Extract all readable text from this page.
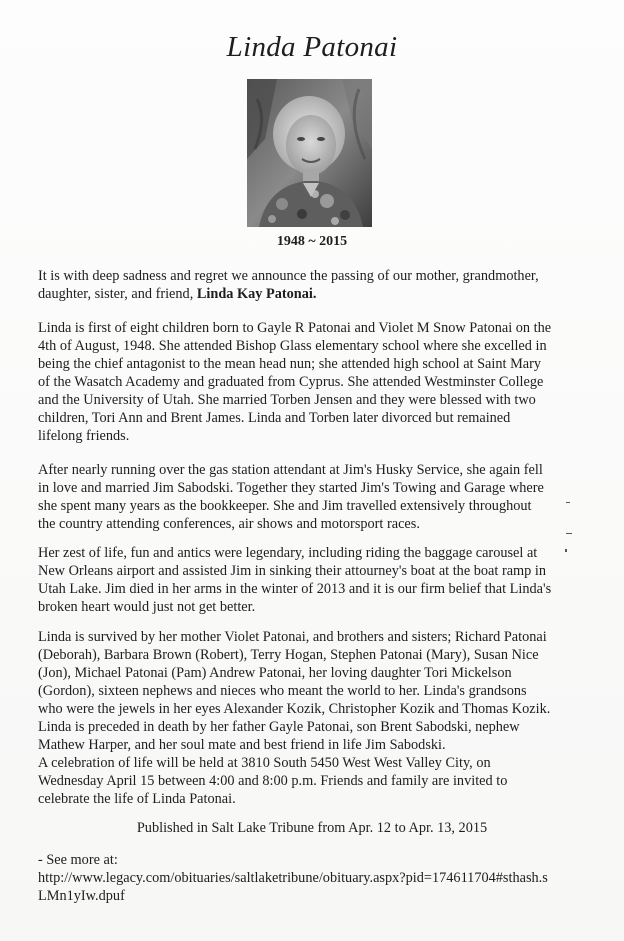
Linda Patonai
1948 ~ 2015
It is with deep sadness and regret we announce the passing of our mother, grandmother,
daughter, sister, and friend, Linda Kay Patonai.
Linda is first of eight children born to Gayle R Patonai and Violet M Snow Patonai on the
4th of August, 1948. She attended Bishop Glass elementary school where she excelled in
being the chief antagonist to the mean head nun; she attended high school at Saint Mary
of the Wasatch Academy and graduated from Cyprus. She attended Westminster College
and the University of Utah. She married Torben Jensen and they were blessed with two
children, Tori Ann and Brent James. Linda and Torben later divorced but remained
lifelong friends.
After nearly running over the gas station attendant at Jim's Husky Service, she again fell
in love and married Jim Sabodski. Together they started Jim's Towing and Garage where
she spent many years as the bookkeeper. She and Jim travelled extensively throughout
the country attending conferences, air shows and motorsport races.
Her zest of life, fun and antics were legendary, including riding the baggage carousel at
New Orleans airport and assisted Jim in sinking their attourney's boat at the boat ramp in
Utah Lake. Jim died in her arms in the winter of 2013 and it is our firm belief that Linda's
broken heart would just not get better.
Linda is survived by her mother Violet Patonai, and brothers and sisters; Richard Patonai
(Deborah), Barbara Brown (Robert), Terry Hogan, Stephen Patonai (Mary), Susan Nice
(Jon), Michael Patonai (Pam) Andrew Patonai, her loving daughter Tori Mickelson
(Gordon), sixteen nephews and nieces who meant the world to her. Linda's grandsons
who were the jewels in her eyes Alexander Kozik, Christopher Kozik and Thomas Kozik.
Linda is preceded in death by her father Gayle Patonai, son Brent Sabodski, nephew
Mathew Harper, and her soul mate and best friend in life Jim Sabodski.
A celebration of life will be held at 3810 South 5450 West West Valley City, on
Wednesday April 15 between 4:00 and 8:00 p.m. Friends and family are invited to
celebrate the life of Linda Patonai.
Published in Salt Lake Tribune from Apr. 12 to Apr. 13, 2015
- See more at:
http://www.legacy.com/obituaries/saltlaketribune/obituary.aspx?pid=174611704#sthash.s
LMn1yIw.dpuf
